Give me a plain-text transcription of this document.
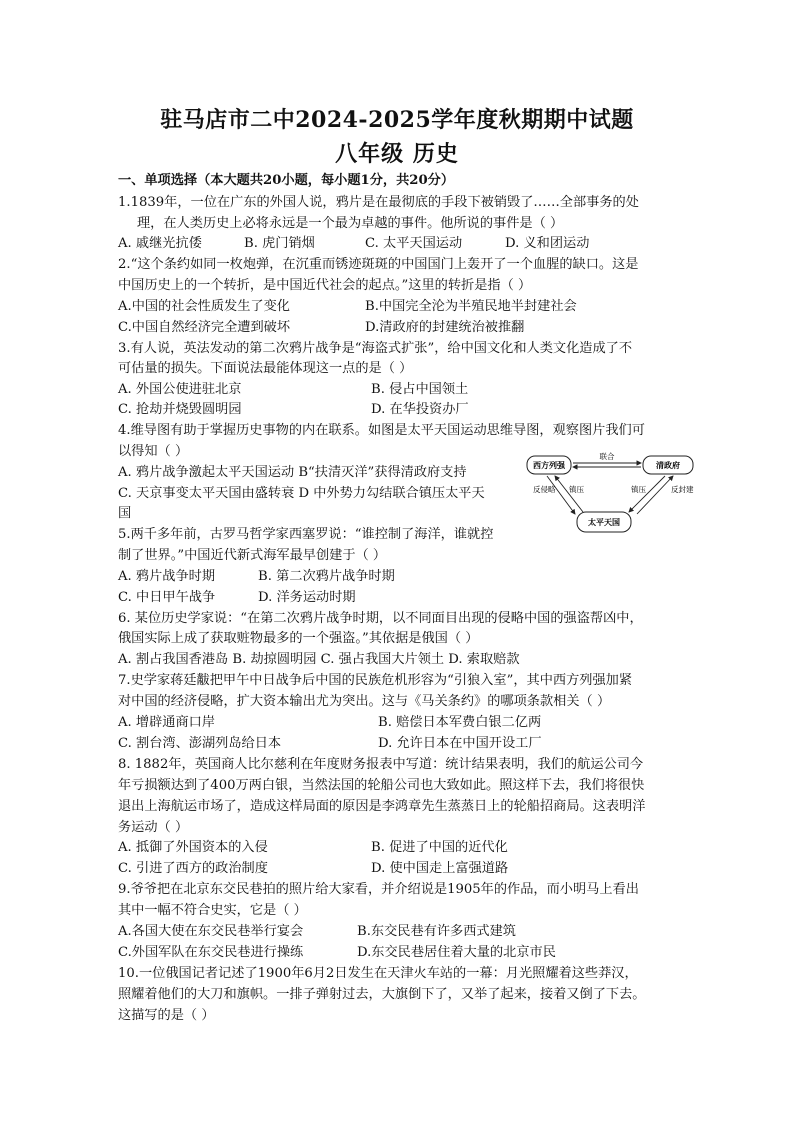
驻马店市二中2024-2025学年度秋期期中试题
八年级 历史
一、单项选择（本大题共20小题，每小题1分，共20分）
1.1839年，一位在广东的外国人说，鸦片是在最彻底的手段下被销毁了……全部事务的处
理，在人类历史上必将永远是一个最为卓越的事件。他所说的事件是（ ）
A. 戚继光抗倭	B. 虎门销烟	C. 太平天国运动	D. 义和团运动
2.“这个条约如同一枚炮弹，在沉重而锈迹斑斑的中国国门上轰开了一个血腥的缺口。这是
中国历史上的一个转折，是中国近代社会的起点。”这里的转折是指（ ）
A.中国的社会性质发生了变化	B.中国完全沦为半殖民地半封建社会
C.中国自然经济完全遭到破坏	D.清政府的封建统治被推翻
3.有人说，英法发动的第二次鸦片战争是“海盗式扩张”，给中国文化和人类文化造成了不
可估量的损失。下面说法最能体现这一点的是（ ）
A. 外国公使进驻北京	B. 侵占中国领土
C. 抢劫并烧毁圆明园	D. 在华投资办厂
4.维导图有助于掌握历史事物的内在联系。如图是太平天国运动思维导图，观察图片我们可
以得知（ ）
A. 鸦片战争激起太平天国运动 B“扶清灭洋”获得清政府支持
C. 天京事变太平天国由盛转衰 D 中外势力勾结联合镇压太平天
国
西方列强	清政府
太平天国
联合
反侵略 镇压	镇压	反封建
5.两千多年前，古罗马哲学家西塞罗说：“谁控制了海洋，谁就控
制了世界。”中国近代新式海军最早创建于（ ）
A. 鸦片战争时期	B. 第二次鸦片战争时期
C. 中日甲午战争	D. 洋务运动时期
6. 某位历史学家说：“在第二次鸦片战争时期，以不同面目出现的侵略中国的强盗帮凶中，
俄国实际上成了获取赃物最多的一个强盗。”其依据是俄国（ ）
A. 割占我国香港岛 B. 劫掠圆明园 C. 强占我国大片领土 D. 索取赔款
7.史学家蒋廷黻把甲午中日战争后中国的民族危机形容为“引狼入室”，其中西方列强加紧
对中国的经济侵略，扩大资本输出尤为突出。这与《马关条约》的哪项条款相关（ ）
A. 增辟通商口岸	B. 赔偿日本军费白银二亿两
C. 割台湾、澎湖列岛给日本	D. 允许日本在中国开设工厂
8. 1882年，英国商人比尔慈利在年度财务报表中写道：统计结果表明，我们的航运公司今
年亏损额达到了400万两白银，当然法国的轮船公司也大致如此。照这样下去，我们将很快
退出上海航运市场了，造成这样局面的原因是李鸿章先生蒸蒸日上的轮船招商局。这表明洋
务运动（ ）
A. 抵御了外国资本的入侵	B. 促进了中国的近代化
C. 引进了西方的政治制度	D. 使中国走上富强道路
9.爷爷把在北京东交民巷拍的照片给大家看，并介绍说是1905年的作品，而小明马上看出
其中一幅不符合史实，它是（ ）
A.各国大使在东交民巷举行宴会	B.东交民巷有许多西式建筑
C.外国军队在东交民巷进行操练	D.东交民巷居住着大量的北京市民
10.一位俄国记者记述了1900年6月2日发生在天津火车站的一幕：月光照耀着这些莽汉，
照耀着他们的大刀和旗帜。一排子弹射过去，大旗倒下了，又举了起来，接着又倒了下去。
这描写的是（ ）
